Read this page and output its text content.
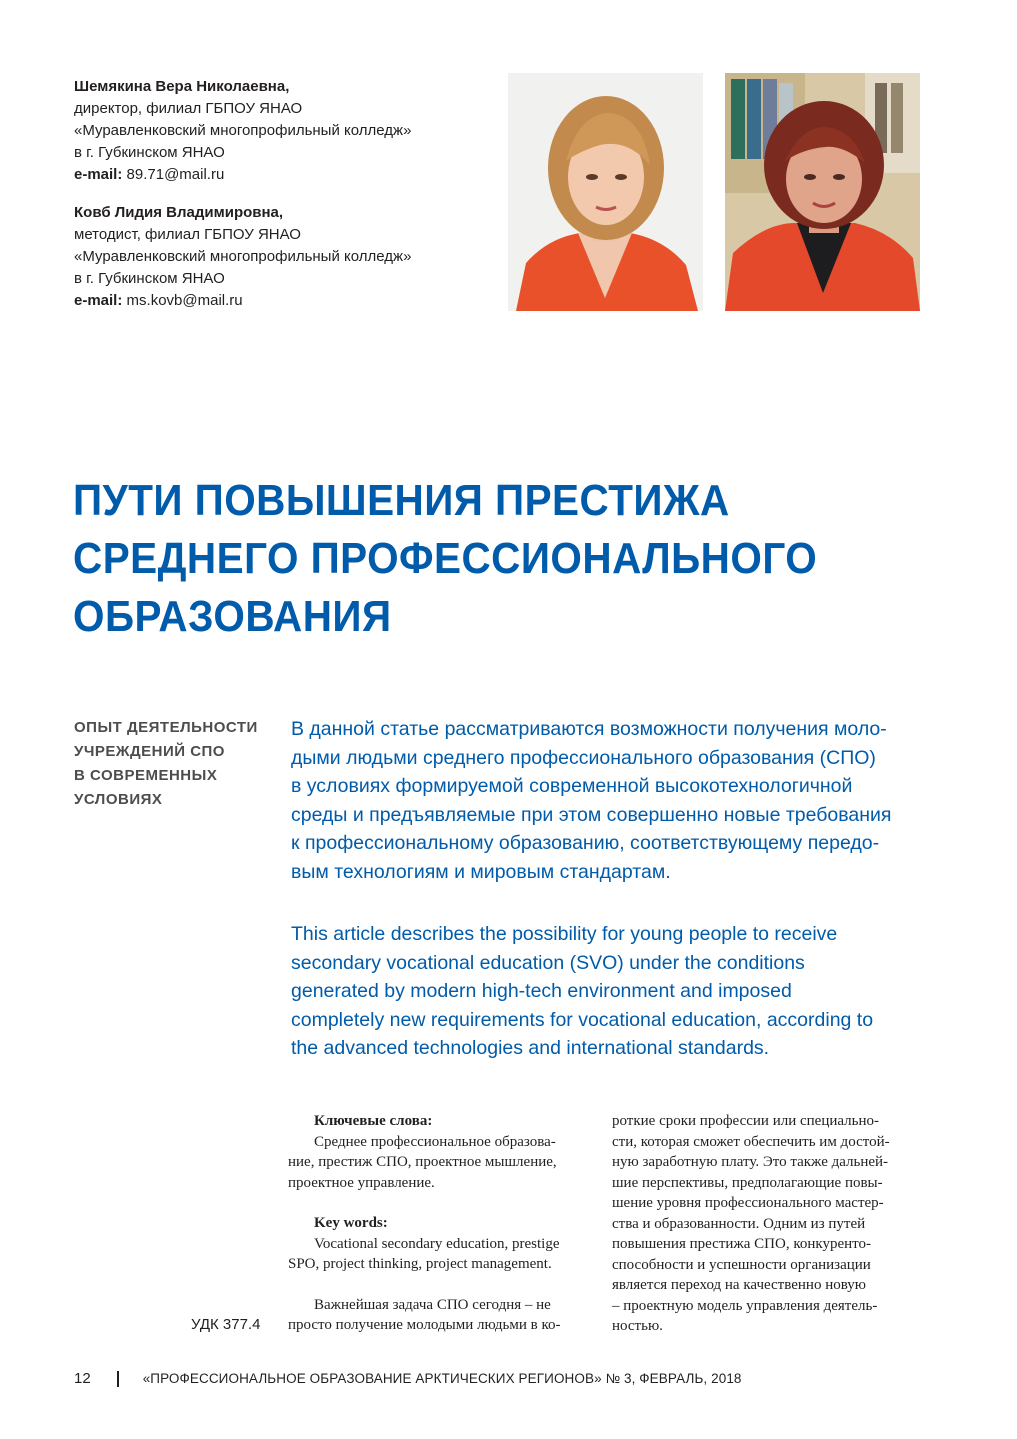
Шемякина Вера Николаевна,
директор, филиал ГБПОУ ЯНАО
«Муравленковский многопрофильный колледж»
в г. Губкинском ЯНАО
e-mail: 89.71@mail.ru
Ковб Лидия Владимировна,
методист, филиал ГБПОУ ЯНАО
«Муравленковский многопрофильный колледж»
в г. Губкинском ЯНАО
e-mail: ms.kovb@mail.ru
ПУТИ ПОВЫШЕНИЯ ПРЕСТИЖА
СРЕДНЕГО ПРОФЕССИОНАЛЬНОГО
ОБРАЗОВАНИЯ
ОПЫТ ДЕЯТЕЛЬНОСТИ
УЧРЕЖДЕНИЙ СПО
В СОВРЕМЕННЫХ
УСЛОВИЯХ
В данной статье рассматриваются возможности получения моло-
дыми людьми среднего профессионального образования (СПО)
в условиях формируемой современной высокотехнологичной
среды и предъявляемые при этом совершенно новые требования
к профессиональному образованию, соответствующему передо-
вым технологиям и мировым стандартам.
This article describes the possibility for young people to receive
secondary vocational education (SVO) under the conditions
generated by modern high-tech environment and imposed
completely new requirements for vocational education, according to
the advanced technologies and international standards.
Ключевые слова:
Среднее профессиональное образова-
ние, престиж СПО, проектное мышление,
проектное управление.
Key words:
Vocational secondary education, prestige
SPO, project thinking, project management.
Важнейшая задача СПО сегодня – не
просто получение молодыми людьми в ко-
роткие сроки профессии или специально-
сти, которая сможет обеспечить им достой-
ную заработную плату. Это также дальней-
шие перспективы, предполагающие повы-
шение уровня профессионального мастер-
ства и образованности. Одним из путей
повышения престижа СПО, конкуренто-
способности и успешности организации
является переход на качественно новую
– проектную модель управления деятель-
ностью.
УДК 377.4
12	«ПРОФЕССИОНАЛЬНОЕ ОБРАЗОВАНИЕ АРКТИЧЕСКИХ РЕГИОНОВ» № 3, ФЕВРАЛЬ, 2018
